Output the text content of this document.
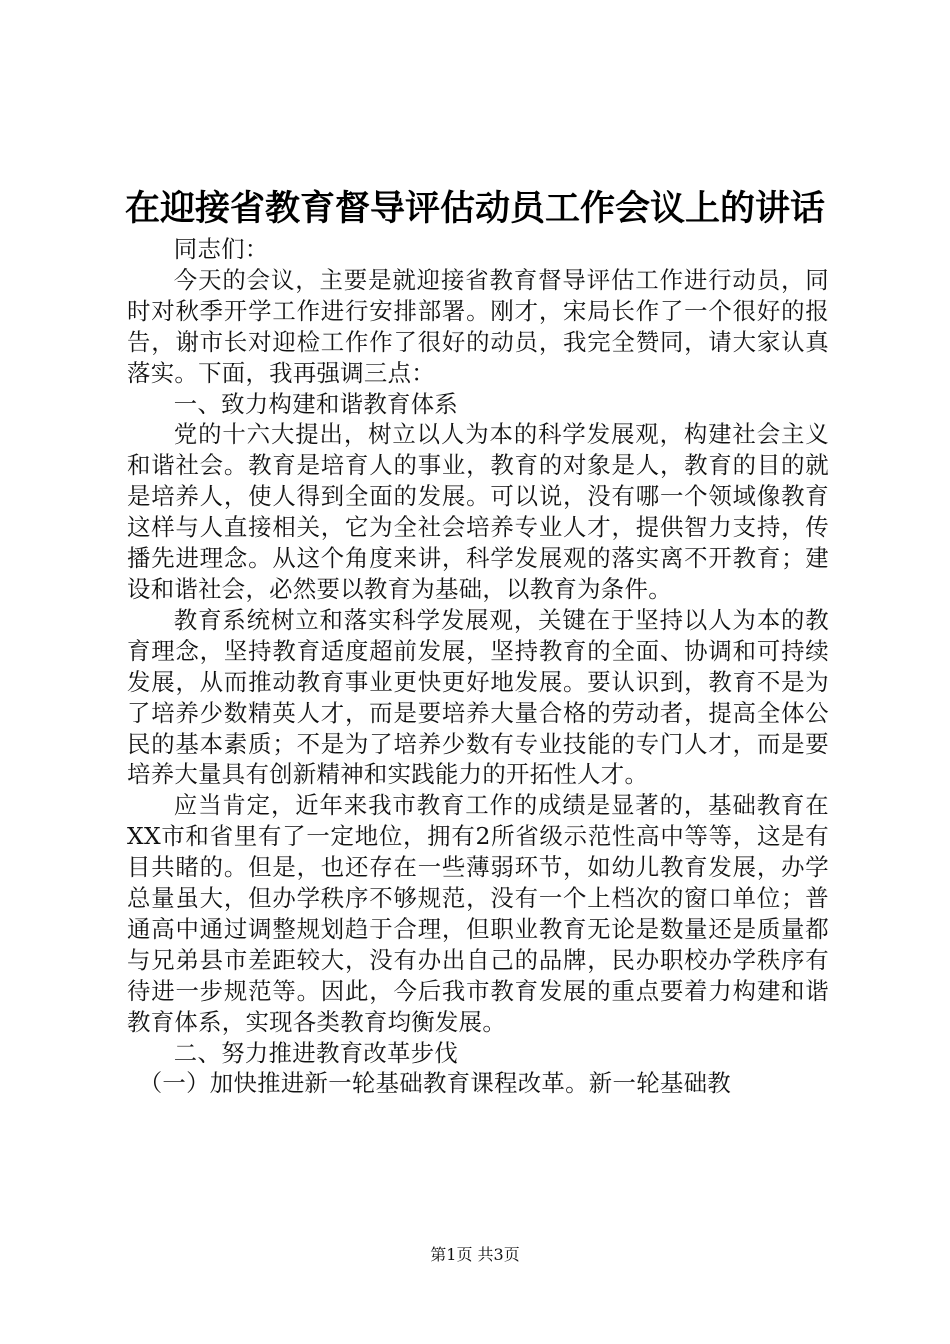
在迎接省教育督导评估动员工作会议上的讲话

同志们：

今天的会议，主要是就迎接省教育督导评估工作进行动员，同时对秋季开学工作进行安排部署。刚才，宋局长作了一个很好的报告，谢市长对迎检工作作了很好的动员，我完全赞同，请大家认真落实。下面，我再强调三点：

一、致力构建和谐教育体系

党的十六大提出，树立以人为本的科学发展观，构建社会主义和谐社会。教育是培育人的事业，教育的对象是人，教育的目的就是培养人，使人得到全面的发展。可以说，没有哪一个领域像教育这样与人直接相关，它为全社会培养专业人才，提供智力支持，传播先进理念。从这个角度来讲，科学发展观的落实离不开教育；建设和谐社会，必然要以教育为基础，以教育为条件。

教育系统树立和落实科学发展观，关键在于坚持以人为本的教育理念，坚持教育适度超前发展，坚持教育的全面、协调和可持续发展，从而推动教育事业更快更好地发展。要认识到，教育不是为了培养少数精英人才，而是要培养大量合格的劳动者，提高全体公民的基本素质；不是为了培养少数有专业技能的专门人才，而是要培养大量具有创新精神和实践能力的开拓性人才。

应当肯定，近年来我市教育工作的成绩是显著的，基础教育在XX市和省里有了一定地位，拥有2所省级示范性高中等等，这是有目共睹的。但是，也还存在一些薄弱环节，如幼儿教育发展，办学总量虽大，但办学秩序不够规范，没有一个上档次的窗口单位；普通高中通过调整规划趋于合理，但职业教育无论是数量还是质量都与兄弟县市差距较大，没有办出自己的品牌，民办职校办学秩序有待进一步规范等。因此，今后我市教育发展的重点要着力构建和谐教育体系，实现各类教育均衡发展。

二、努力推进教育改革步伐

（一）加快推进新一轮基础教育课程改革。新一轮基础教

第1页 共3页
